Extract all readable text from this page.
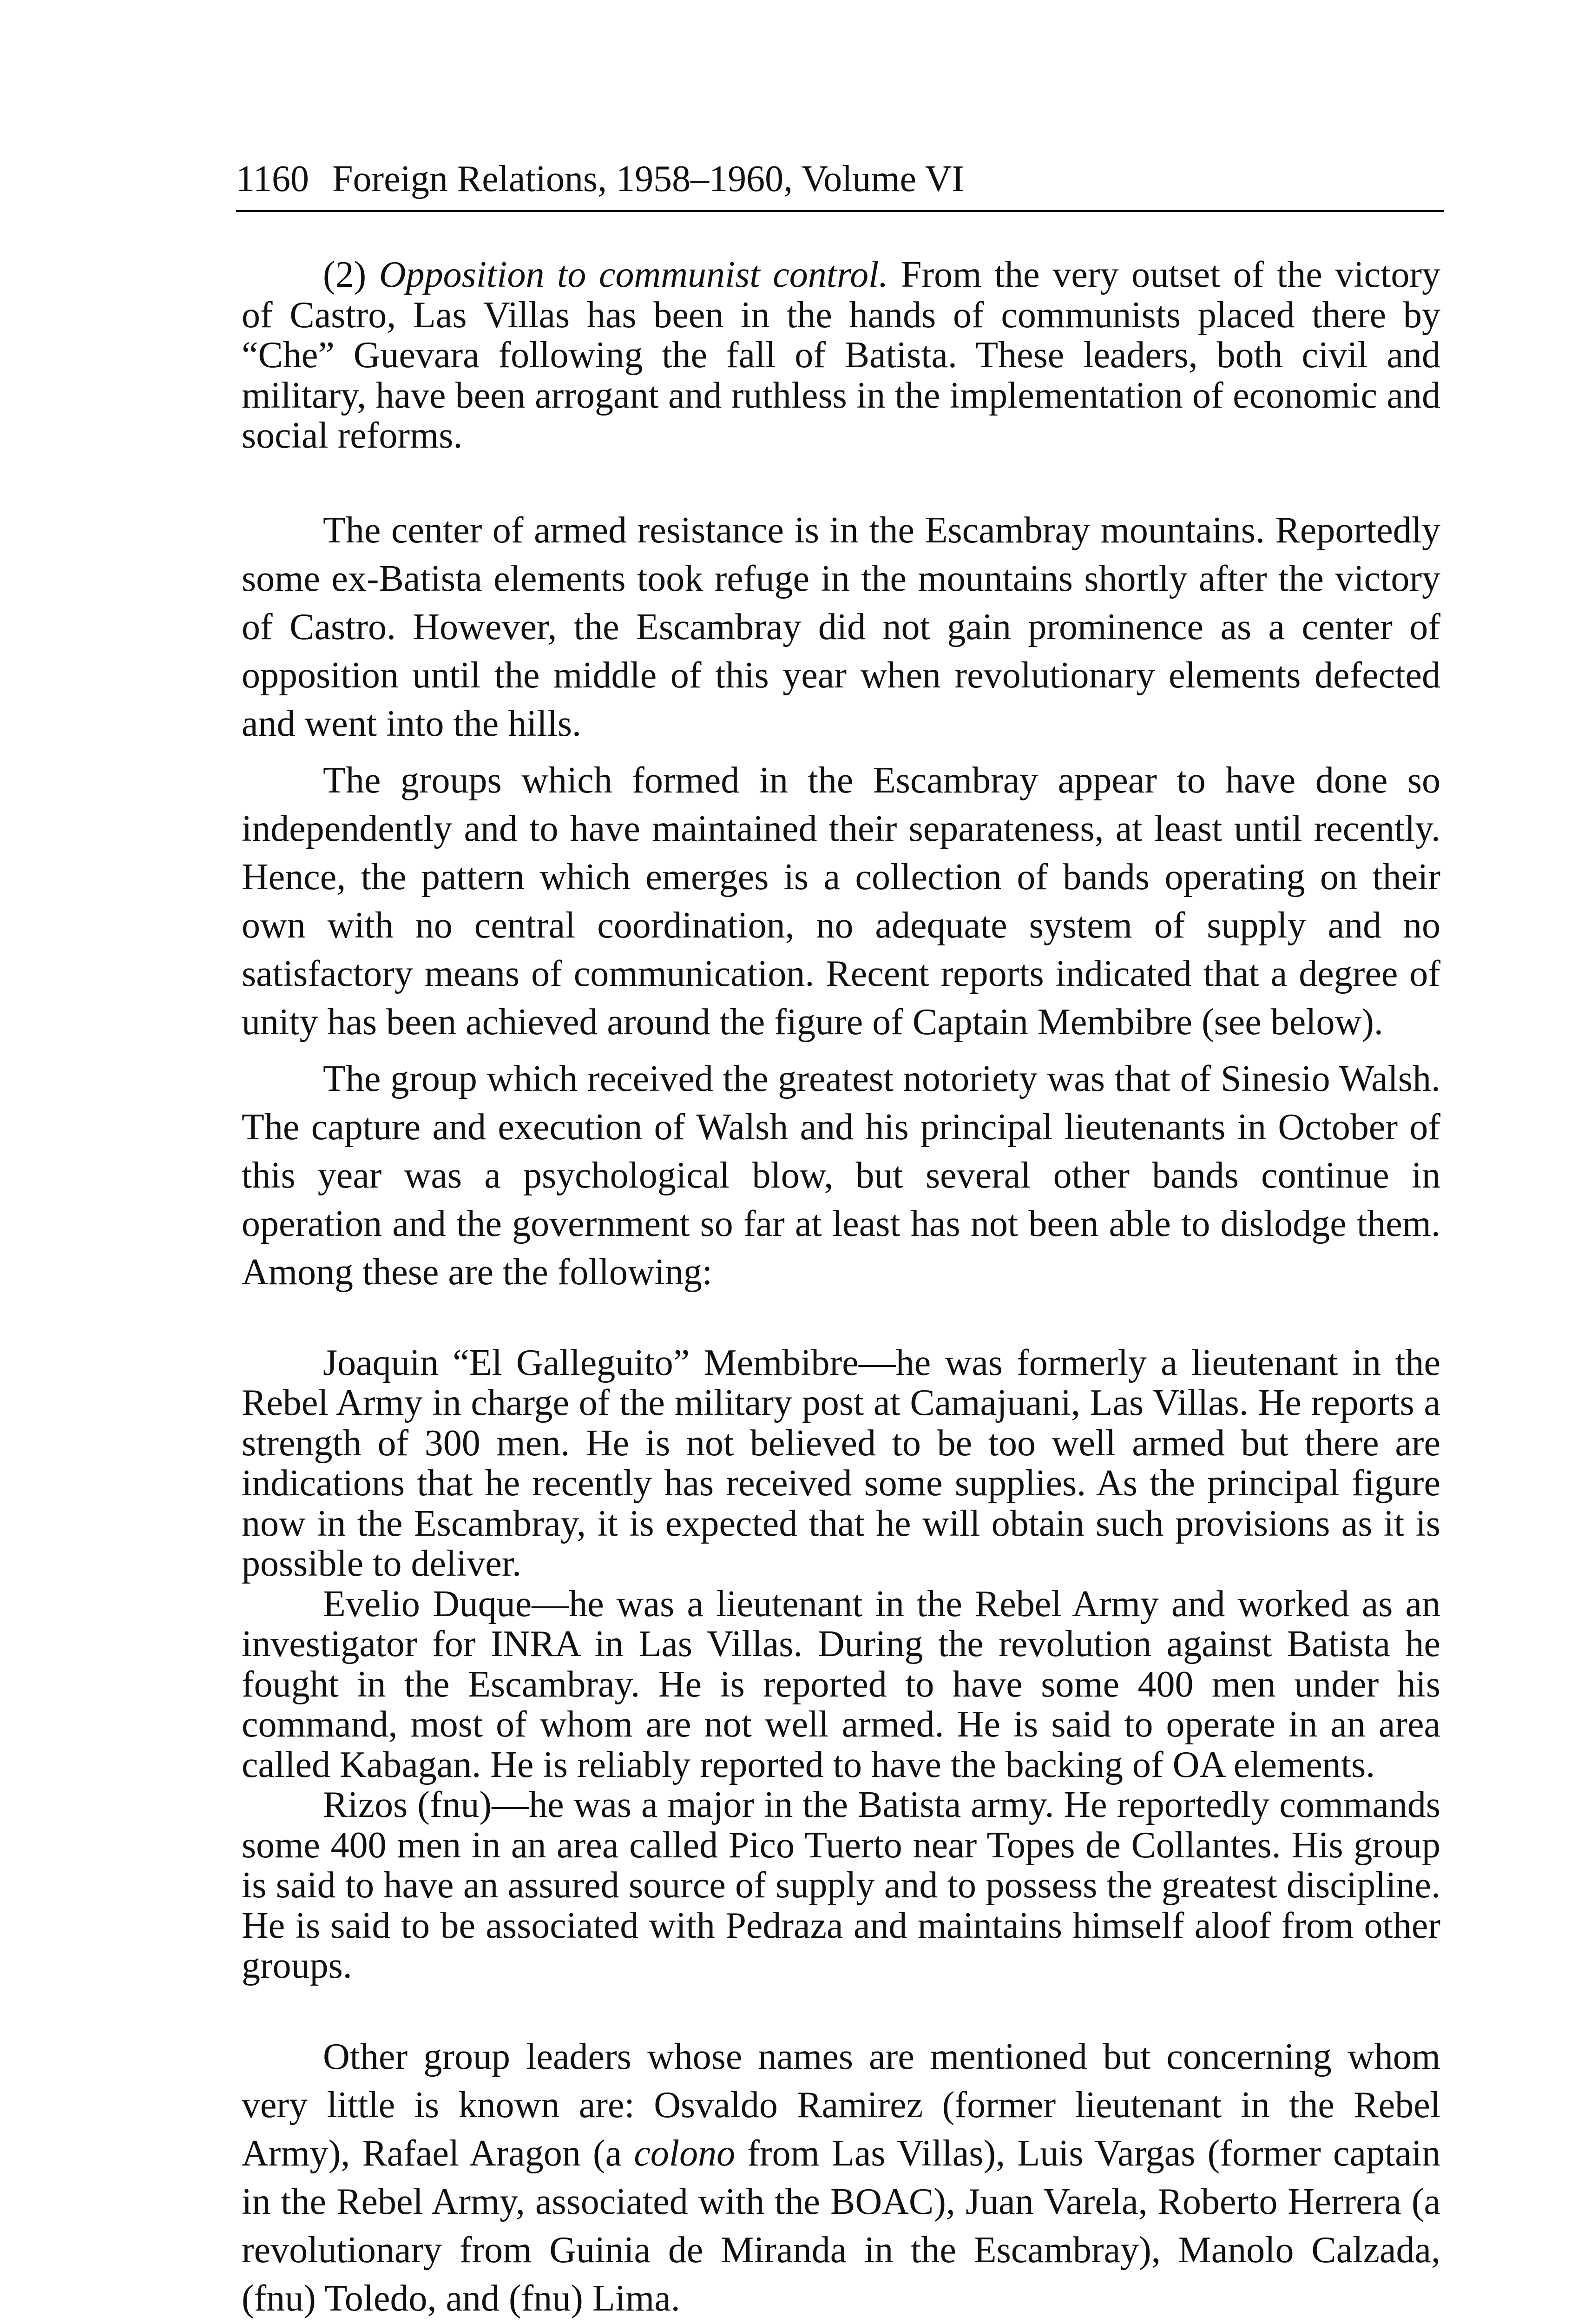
1160 Foreign Relations, 1958–1960, Volume VI

(2) Opposition to communist control. From the very outset of the victory of Castro, Las Villas has been in the hands of communists placed there by “Che” Guevara following the fall of Batista. These leaders, both civil and military, have been arrogant and ruthless in the implementation of economic and social reforms.

The center of armed resistance is in the Escambray mountains. Reportedly some ex-Batista elements took refuge in the mountains shortly after the victory of Castro. However, the Escambray did not gain prominence as a center of opposition until the middle of this year when revolutionary elements defected and went into the hills.

The groups which formed in the Escambray appear to have done so independently and to have maintained their separateness, at least until recently. Hence, the pattern which emerges is a collection of bands operating on their own with no central coordination, no adequate system of supply and no satisfactory means of communication. Recent reports indicated that a degree of unity has been achieved around the figure of Captain Membibre (see below).

The group which received the greatest notoriety was that of Sinesio Walsh. The capture and execution of Walsh and his principal lieutenants in October of this year was a psychological blow, but several other bands continue in operation and the government so far at least has not been able to dislodge them. Among these are the following:

Joaquin “El Galleguito” Membibre—he was formerly a lieutenant in the Rebel Army in charge of the military post at Camajuani, Las Villas. He reports a strength of 300 men. He is not believed to be too well armed but there are indications that he recently has received some supplies. As the principal figure now in the Escambray, it is expected that he will obtain such provisions as it is possible to deliver.

Evelio Duque—he was a lieutenant in the Rebel Army and worked as an investigator for INRA in Las Villas. During the revolution against Batista he fought in the Escambray. He is reported to have some 400 men under his command, most of whom are not well armed. He is said to operate in an area called Kabagan. He is reliably reported to have the backing of OA elements.

Rizos (fnu)—he was a major in the Batista army. He reportedly commands some 400 men in an area called Pico Tuerto near Topes de Collantes. His group is said to have an assured source of supply and to possess the greatest discipline. He is said to be associated with Pedraza and maintains himself aloof from other groups.

Other group leaders whose names are mentioned but concerning whom very little is known are: Osvaldo Ramirez (former lieutenant in the Rebel Army), Rafael Aragon (a colono from Las Villas), Luis Vargas (former captain in the Rebel Army, associated with the BOAC), Juan Varela, Roberto Herrera (a revolutionary from Guinia de Miranda in the Escambray), Manolo Calzada, (fnu) Toledo, and (fnu) Lima.
